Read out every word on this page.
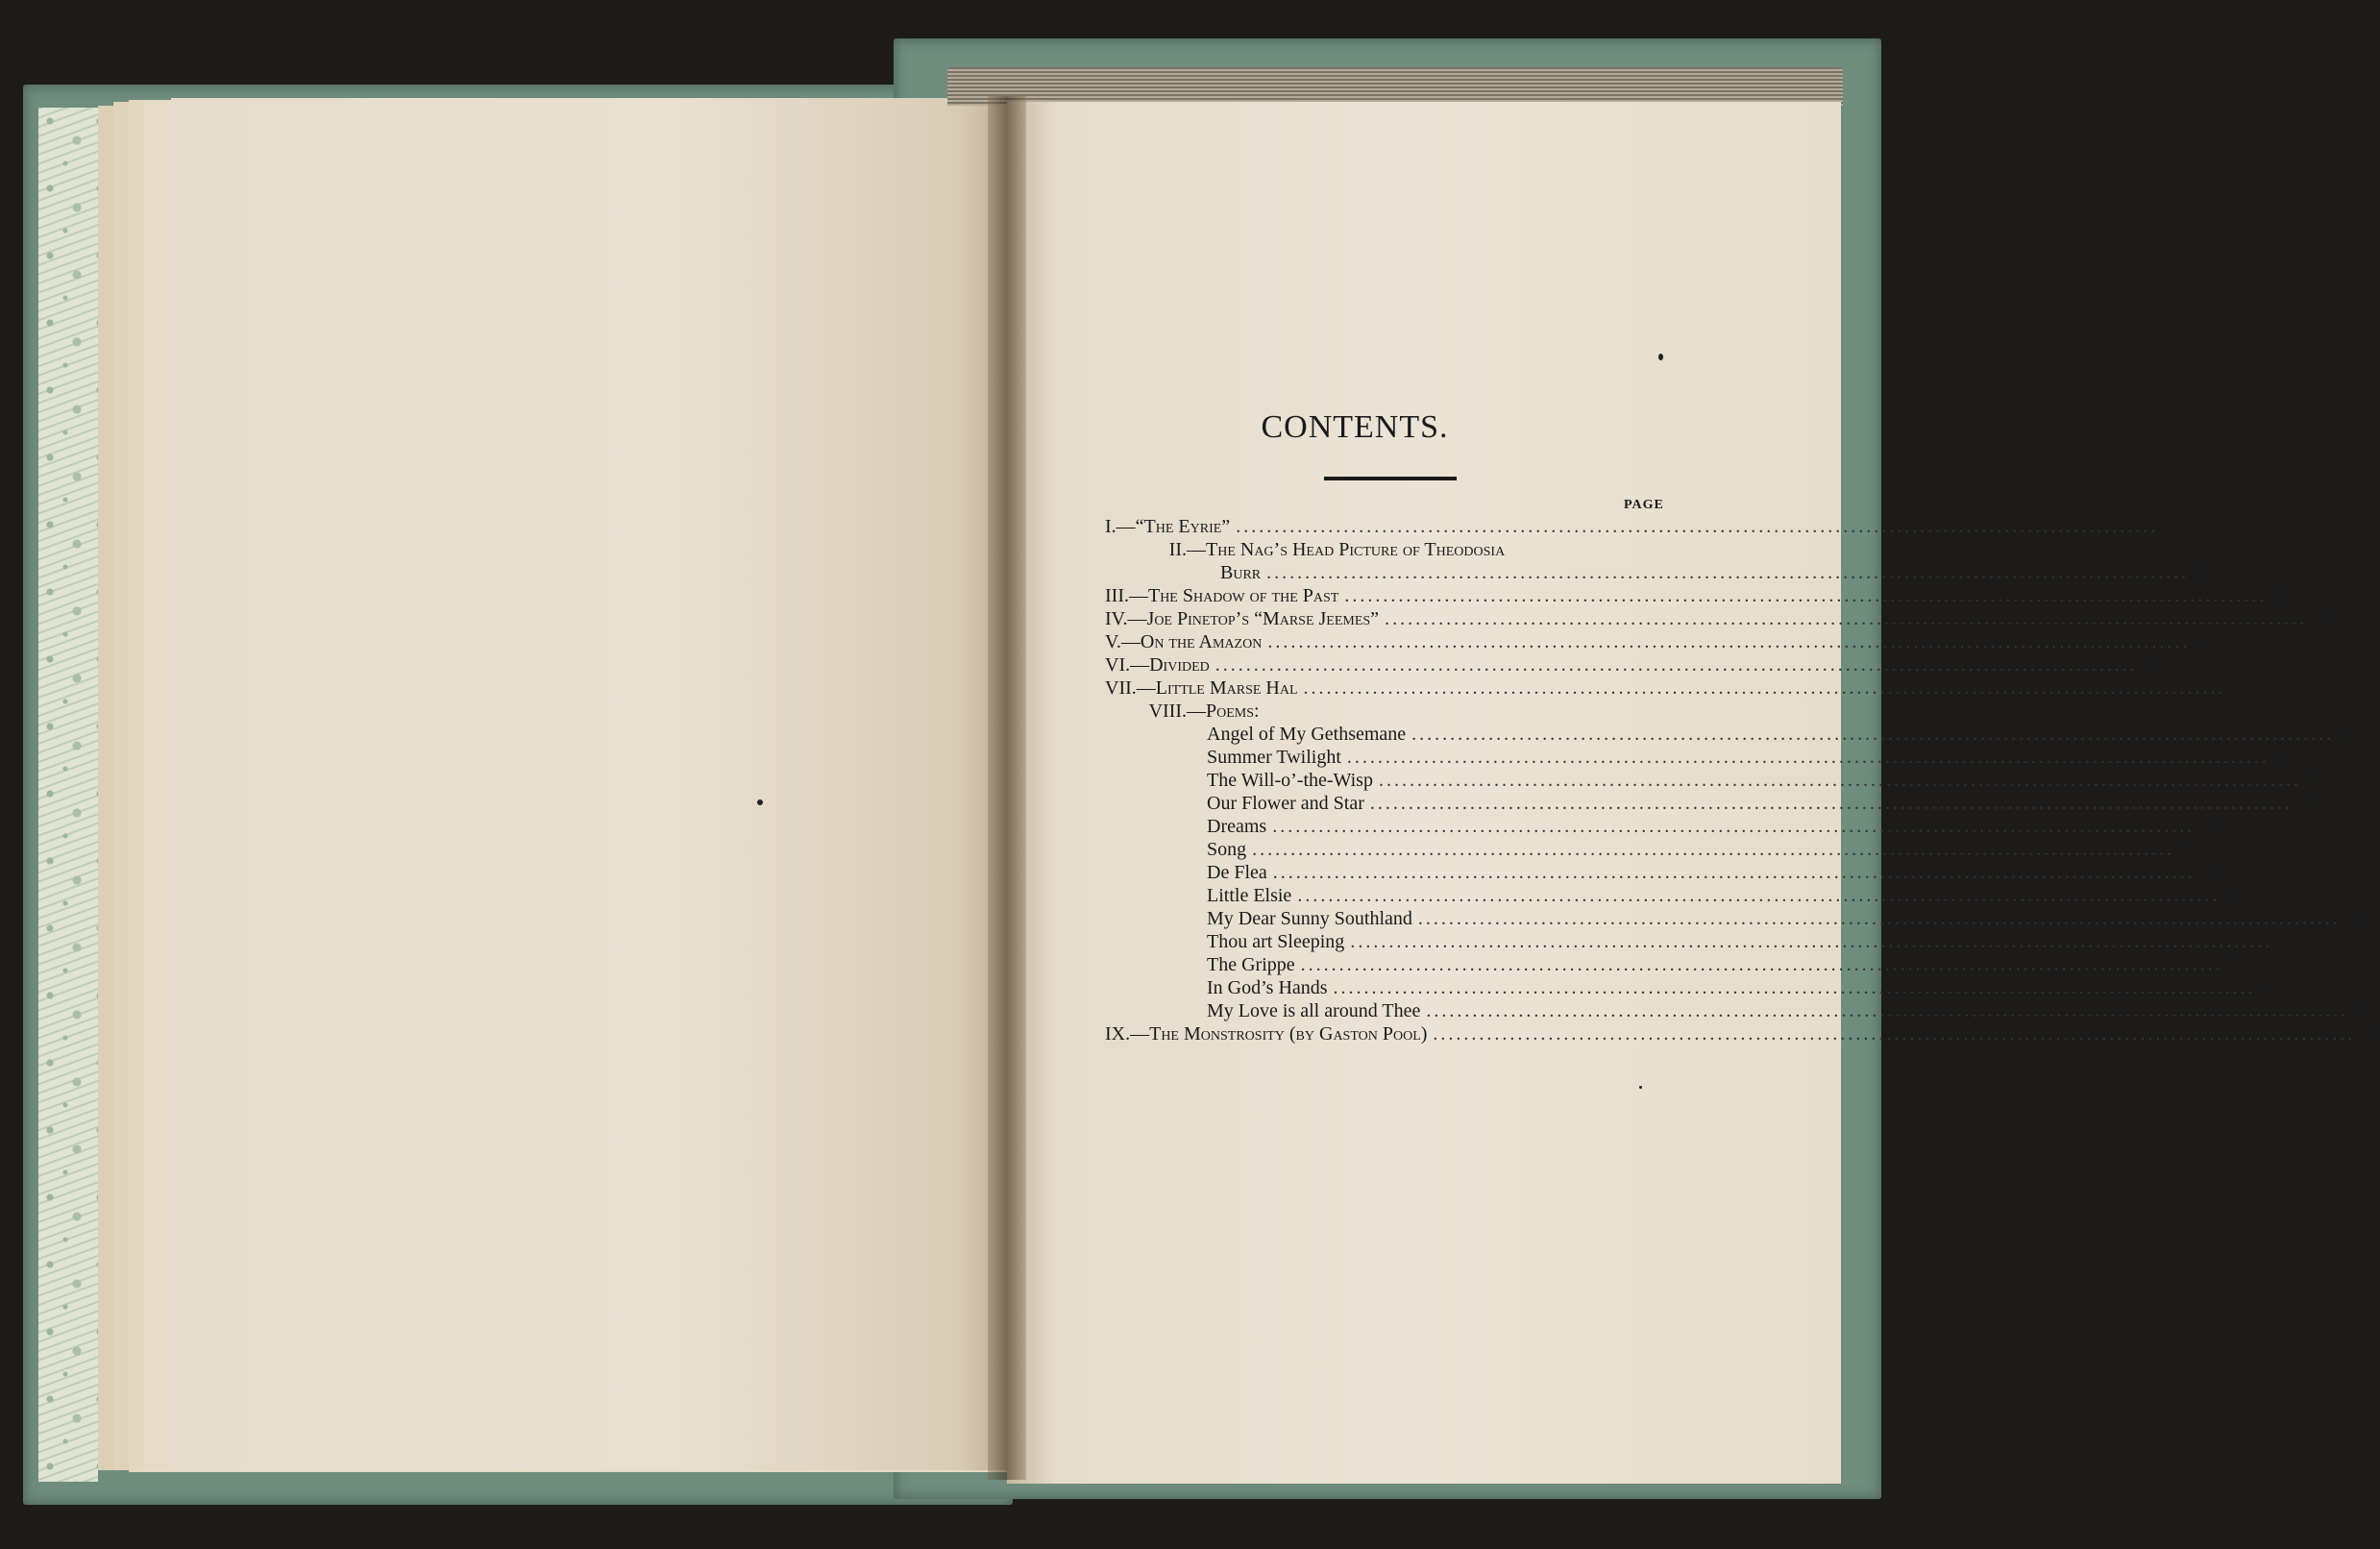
CONTENTS.
PAGE
I. — “The Eyrie” ........................................................................................................................ 1
II. — The Nag’s Head Picture of Theodosia
Burr ........................................................................................................................ 18
III. — The Shadow of the Past ........................................................................................................................ 26
IV. — Joe Pinetop’s “Marse Jeemes” ........................................................................................................................ 29
V. — On the Amazon ........................................................................................................................ 40
VI. — Divided ........................................................................................................................ 47
VII. — Little Marse Hal ........................................................................................................................ 51
VIII. — Poems:
Angel of My Gethsemane ........................................................................................................................ 68
Summer Twilight ........................................................................................................................ 69
The Will-o’-the-Wisp ........................................................................................................................ 70
Our Flower and Star ........................................................................................................................ 71
Dreams ........................................................................................................................ 72
Song ........................................................................................................................ 73
De Flea ........................................................................................................................ 74
Little Elsie ........................................................................................................................ 75
My Dear Sunny Southland ........................................................................................................................ 76
Thou art Sleeping ........................................................................................................................ 77
The Grippe ........................................................................................................................ 78
In God’s Hands ........................................................................................................................ 83
My Love is all around Thee ........................................................................................................................ 85
IX. — The Monstrosity (by Gaston Pool) ........................................................................................................................ 86
